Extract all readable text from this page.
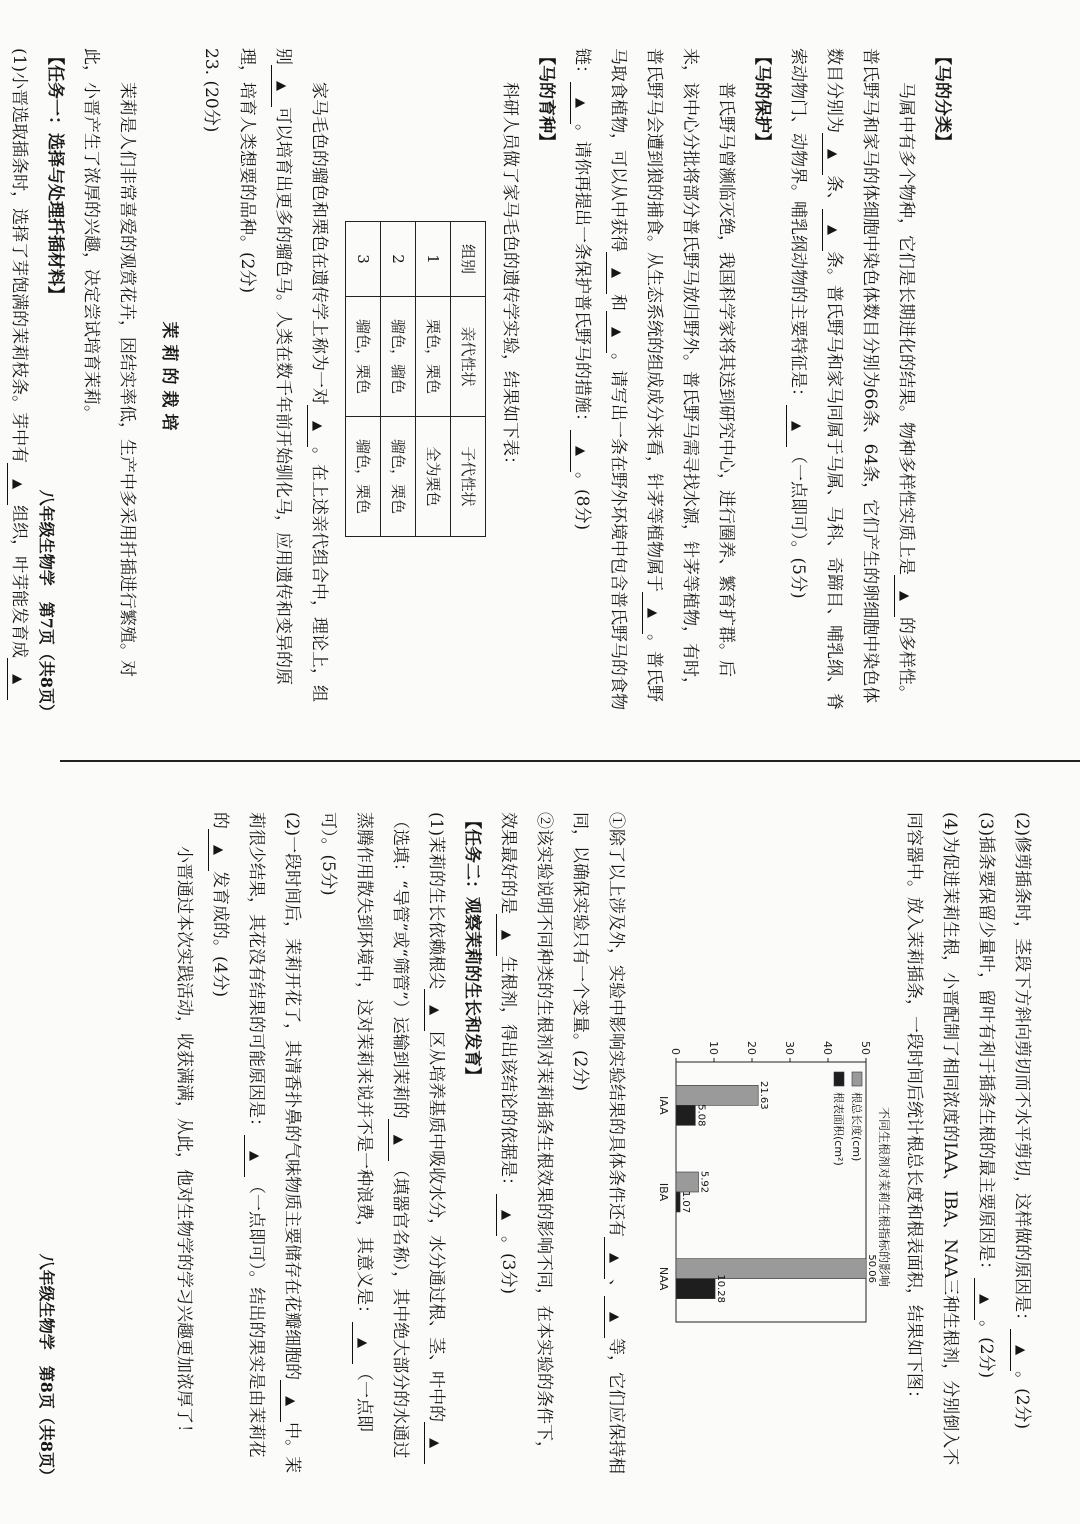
【马的分类】

马属中有多个物种，它们是长期进化的结果。物种多样性实质上是▲的多样性。普氏野马和家马的体细胞中染色体数目分别为66条、64条，它们产生的卵细胞中染色体数目分别为▲条、▲条。普氏野马和家马同属于马属、马科、奇蹄目、哺乳纲、脊索动物门、动物界。哺乳纲动物的主要特征是：▲（一点即可）。(5分)

【马的保护】

普氏野马曾濒临灭绝，我国科学家将其送到研究中心，进行圈养、繁育扩群。后来，该中心分批将部分普氏野马放归野外。普氏野马需寻找水源，针茅等植物，有时，普氏野马会遭到狼的捕食。从生态系统的组成成分来看，针茅等植物属于▲。普氏野马取食植物，可以从中获得▲和▲。请写出一条在野外环境中包含普氏野马的食物链：▲。请你再提出一条保护普氏野马的措施：▲。(8分)

【马的育种】

科研人员做了家马毛色的遗传学实验，结果如下表：

组别	亲代性状	子代性状
1	栗色，栗色	全为栗色
2	骝色，骝色	骝色，栗色
3	骝色，栗色	骝色，栗色

家马毛色的骝色和栗色在遗传学上称为一对▲。在上述亲代组合中，理论上，组别▲可以培育出更多的骝色马。人类在数千年前开始驯化马，应用遗传和变异的原理，培育人类想要的品种。(2分)

23. (20分)

茉莉的栽培

茉莉是人们非常喜爱的观赏花卉，因结实率低，生产中多采用扦插进行繁殖。对此，小晋产生了浓厚的兴趣，决定尝试培育茉莉。

【任务一：选择与处理扦插材料】

(1)小晋选取插条时，选择了芽饱满的茉莉枝条。芽中有▲组织，叶芽能发育成▲ 八年级生物学　第7页（共8页）

(2)修剪插条时，茎段下方斜向剪切而不水平剪切，这样做的原因是：▲。(2分)

(3)插条要保留少量叶，留叶有利于插条生根的最主要原因是：▲。(2分)

(4)为促进茉莉生根，小晋配制了相同浓度的IAA、IBA、NAA三种生根剂，分别倒入不同容器中。放入茉莉插条，一段时间后统计根总长度和根表面积，结果如下图：

不同生根剂对茉莉生根指标的影响
0 10 20 30 40 50
21.63
5.08
IAA
5.92
1.07
IBA
50.06
10.28
NAA
根总长度(cm)
根表面积(cm²)

①除了以上涉及外，实验中影响实验结果的具体条件还有▲、▲等，它们应保持相同，以确保实验只有一个变量。(2分)

②该实验说明不同种类的生根剂对茉莉插条生根效果的影响不同，在本实验的条件下，效果最好的是▲生根剂，得出该结论的依据是：▲。(3分)

【任务二：观察茉莉的生长和发育】

(1)茉莉的生长依赖根尖▲区从培养基质中吸收水分，水分通过根、茎、叶中的▲（选填：“导管”或“筛管”）运输到茉莉的▲（填器官名称），其中绝大部分的水通过蒸腾作用散失到环境中，这对茉莉来说并不是一种浪费，其意义是：▲（一点即可）。(5分)

(2)一段时间后，茉莉开花了，其清香扑鼻的气味物质主要储存在花瓣细胞的▲中。茉莉很少结果，其花没有结果的可能原因是：▲（一点即可）。结出的果实是由茉莉花的▲发育成的。(4分)

小晋通过本次实践活动，收获满满，从此，他对生物学的学习兴趣更加浓厚了！

八年级生物学　第8页（共8页）
